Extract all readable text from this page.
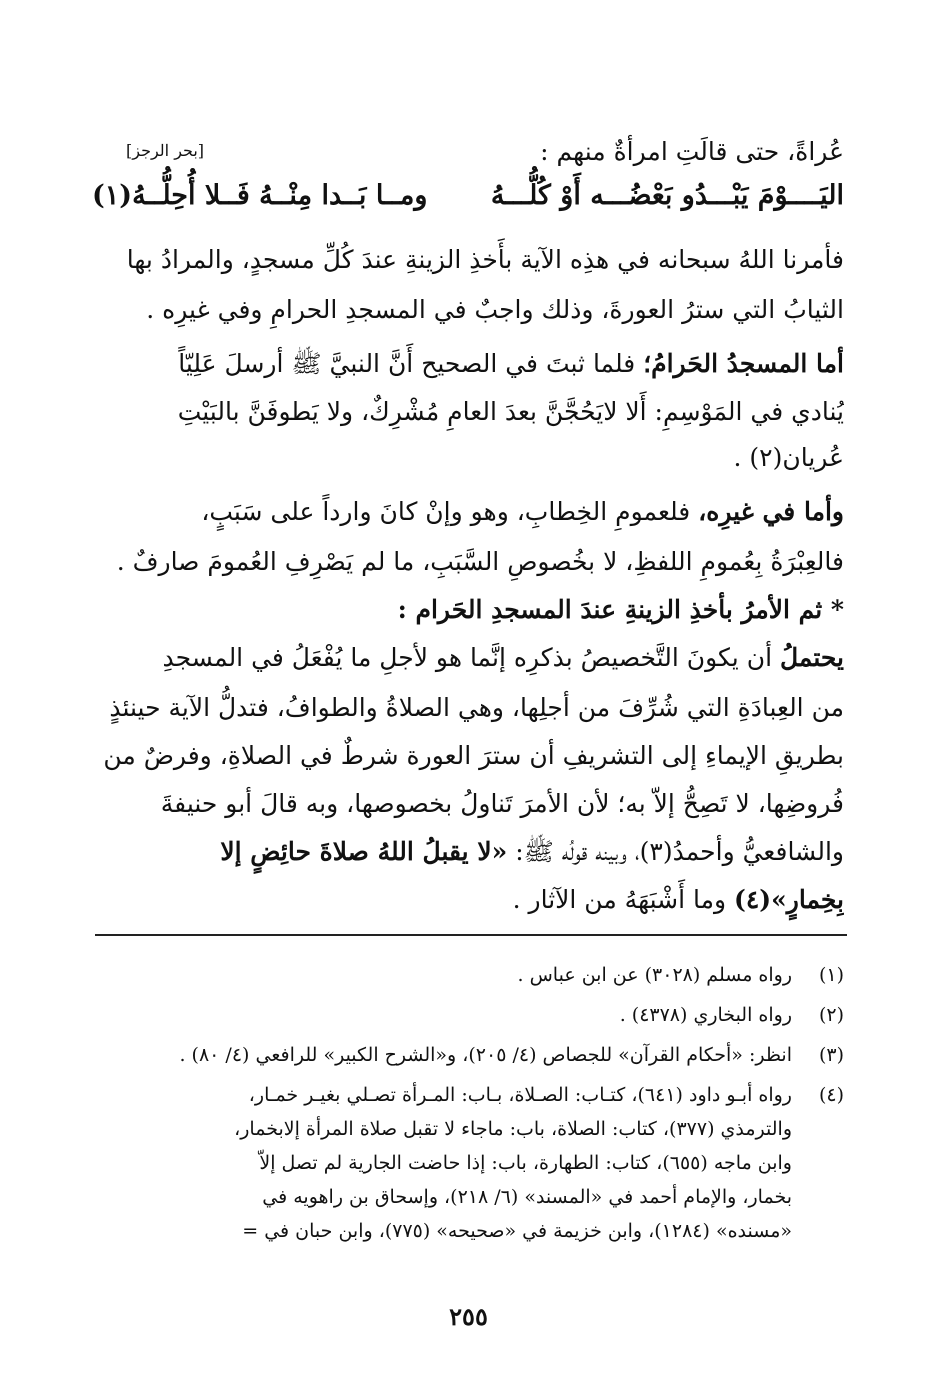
عُراةً، حتى قالَتِ امرأةٌ منهم :
[بحر الرجز]
اليَــــوْمَ يَبْـــدُو بَعْضُـــه أَوْ كُلُّـــهُ
ومــا بَــدا مِنْــهُ فَــلا أُحِلُّــهُ(١)
فأمرنا اللهُ سبحانه في هذِه الآية بأَخذِ الزينةِ عندَ كُلِّ مسجدٍ، والمرادُ بها
الثيابُ التي سترُ العورةَ، وذلك واجبٌ في المسجدِ الحرامِ وفي غيرِه .
أما المسجدُ الحَرامُ؛ فلما ثبتَ في الصحيح أَنَّ النبيَّ ﷺ أرسلَ عَلِيّاً
يُنادي في المَوْسِمِ: أَلا لايَحُجَّنَّ بعدَ العامِ مُشْرِكٌ، ولا يَطوفَنَّ بالبَيْتِ
عُريان(٢) .
وأما في غيرِه، فلعمومِ الخِطابِ، وهو وإنْ كانَ وارداً على سَبَبٍ،
فالعِبْرَةُ بِعُمومِ اللفظِ، لا بخُصوصِ السَّبَبِ، ما لم يَصْرِفِ العُمومَ صارفٌ .
* ثم الأمرُ بأخذِ الزينةِ عندَ المسجدِ الحَرام :
يحتملُ أن يكونَ التَّخصيصُ بذكرِه إنَّما هو لأجلِ ما يُفْعَلُ في المسجدِ
من العِبادَةِ التي شُرِّفَ من أجلِها، وهي الصلاةُ والطوافُ، فتدلُّ الآية حينئذٍ
بطريقِ الإيماءِ إلى التشريفِ أن سترَ العورة شرطٌ في الصلاةِ، وفرضٌ من
فُروضِها، لا تَصِحُّ إلاّ به؛ لأن الأمرَ تَناولُ بخصوصها، وبه قالَ أبو حنيفةَ
والشافعيُّ وأحمدُ(٣)، وبينه قولُه ﷺ: «لا يقبلُ اللهُ صلاةَ حائِضٍ إلا
بِخِمارٍ»(٤) وما أَشْبَهَهُ من الآثار .
(١)

رواه مسلم (٣٠٢٨) عن ابن عباس .

(٢)

رواه البخاري (٤٣٧٨) .

(٣)

انظر: «أحكام القرآن» للجصاص (٤/ ٢٠٥)، و«الشرح الكبير» للرافعي (٤/ ٨٠) .

(٤)

رواه أبـو داود (٦٤١)، كتـاب: الصـلاة، بـاب: المـرأة تصـلي بغيـر خمـار،

والترمذي (٣٧٧)، كتاب: الصلاة، باب: ماجاء لا تقبل صلاة المرأة إلابخمار،

وابن ماجه (٦٥٥)، كتاب: الطهارة، باب: إذا حاضت الجارية لم تصل إلاّ

بخمار، والإمام أحمد في «المسند» (٦/ ٢١٨)، وإسحاق بن راهويه في

«مسنده» (١٢٨٤)، وابن خزيمة في «صحيحه» (٧٧٥)، وابن حبان في =

٢٥٥
